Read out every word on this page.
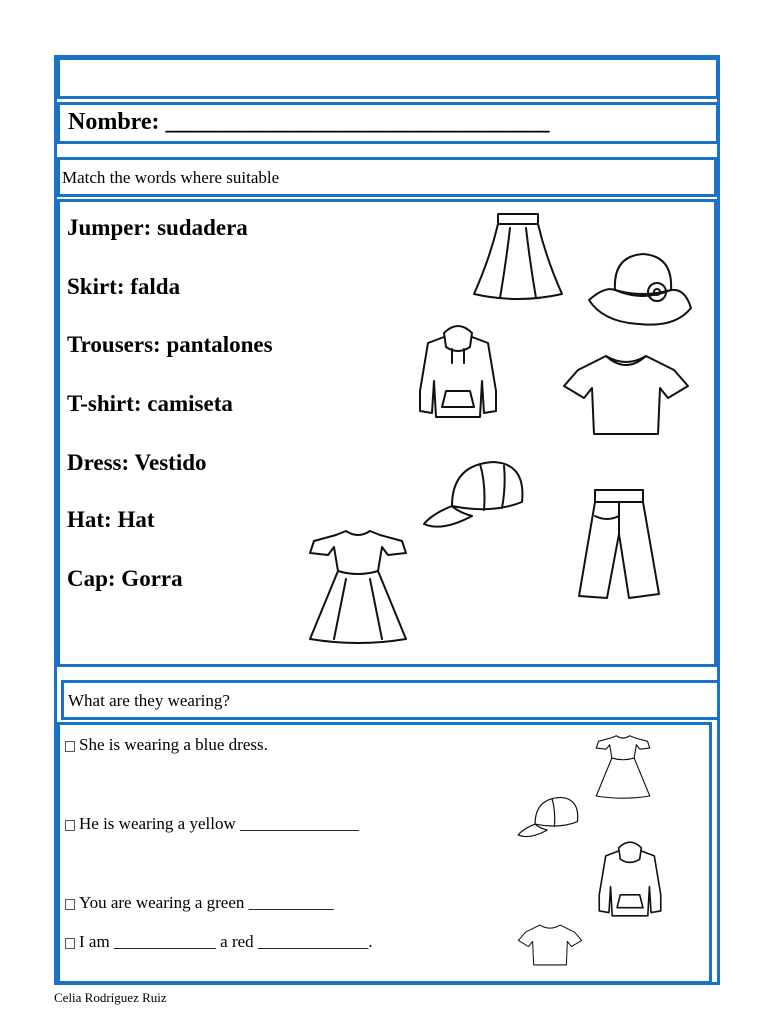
Nombre: ________________________________
Match the words where suitable
Jumper: sudadera
Skirt: falda
Trousers: pantalones
T-shirt: camiseta
Dress: Vestido
Hat: Hat
Cap: Gorra
What are they wearing?
She is wearing a blue dress.
He is wearing a yellow ______________
You are wearing a green __________
I am ____________ a red _____________.
Celia Rodríguez Ruiz
